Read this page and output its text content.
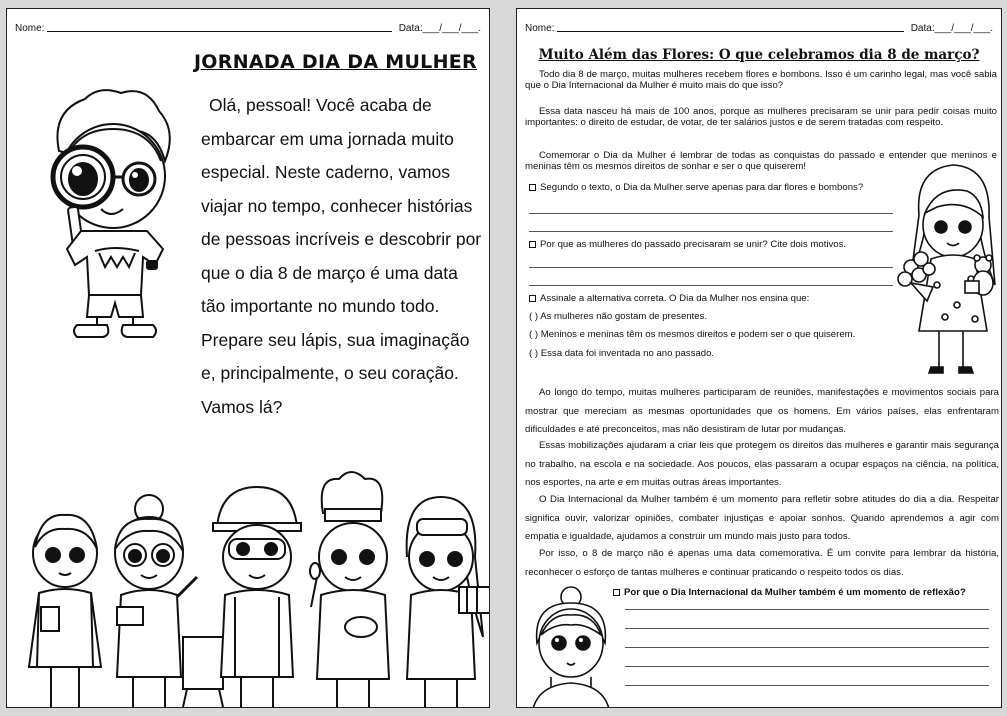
Nome:	Data:___/___/___.
JORNADA DIA DA MULHER

Olá, pessoal! Você acaba de embarcar em uma jornada muito especial. Neste caderno, vamos viajar no tempo, conhecer histórias de pessoas incríveis e descobrir por que o dia 8 de março é uma data tão importante no mundo todo. Prepare seu lápis, sua imaginação e, principalmente, o seu coração. Vamos lá?

Nome:	Data:___/___/___.
Muito Além das Flores: O que celebramos dia 8 de março?

Todo dia 8 de março, muitas mulheres recebem flores e bombons. Isso é um carinho legal, mas você sabia que o Dia Internacional da Mulher é muito mais do que isso?

Essa data nasceu há mais de 100 anos, porque as mulheres precisaram se unir para pedir coisas muito importantes: o direito de estudar, de votar, de ter salários justos e de serem tratadas com respeito.

Comemorar o Dia da Mulher é lembrar de todas as conquistas do passado e entender que meninos e meninas têm os mesmos direitos de sonhar e ser o que quiserem!

Segundo o texto, o Dia da Mulher serve apenas para dar flores e bombons?
Por que as mulheres do passado precisaram se unir? Cite dois motivos.
Assinale a alternativa correta. O Dia da Mulher nos ensina que:
( ) As mulheres não gostam de presentes.
( ) Meninos e meninas têm os mesmos direitos e podem ser o que quiserem.
( ) Essa data foi inventada no ano passado.

Ao longo do tempo, muitas mulheres participaram de reuniões, manifestações e movimentos sociais para mostrar que mereciam as mesmas oportunidades que os homens. Em vários países, elas enfrentaram dificuldades e até preconceitos, mas não desistiram de lutar por mudanças.

Essas mobilizações ajudaram a criar leis que protegem os direitos das mulheres e garantir mais segurança no trabalho, na escola e na sociedade. Aos poucos, elas passaram a ocupar espaços na ciência, na política, nos esportes, na arte e em muitas outras áreas importantes.

O Dia Internacional da Mulher também é um momento para refletir sobre atitudes do dia a dia. Respeitar significa ouvir, valorizar opiniões, combater injustiças e apoiar sonhos. Quando aprendemos a agir com empatia e igualdade, ajudamos a construir um mundo mais justo para todos.

Por isso, o 8 de março não é apenas uma data comemorativa. É um convite para lembrar da história, reconhecer o esforço de tantas mulheres e continuar praticando o respeito todos os dias.

Por que o Dia Internacional da Mulher também é um momento de reflexão?
